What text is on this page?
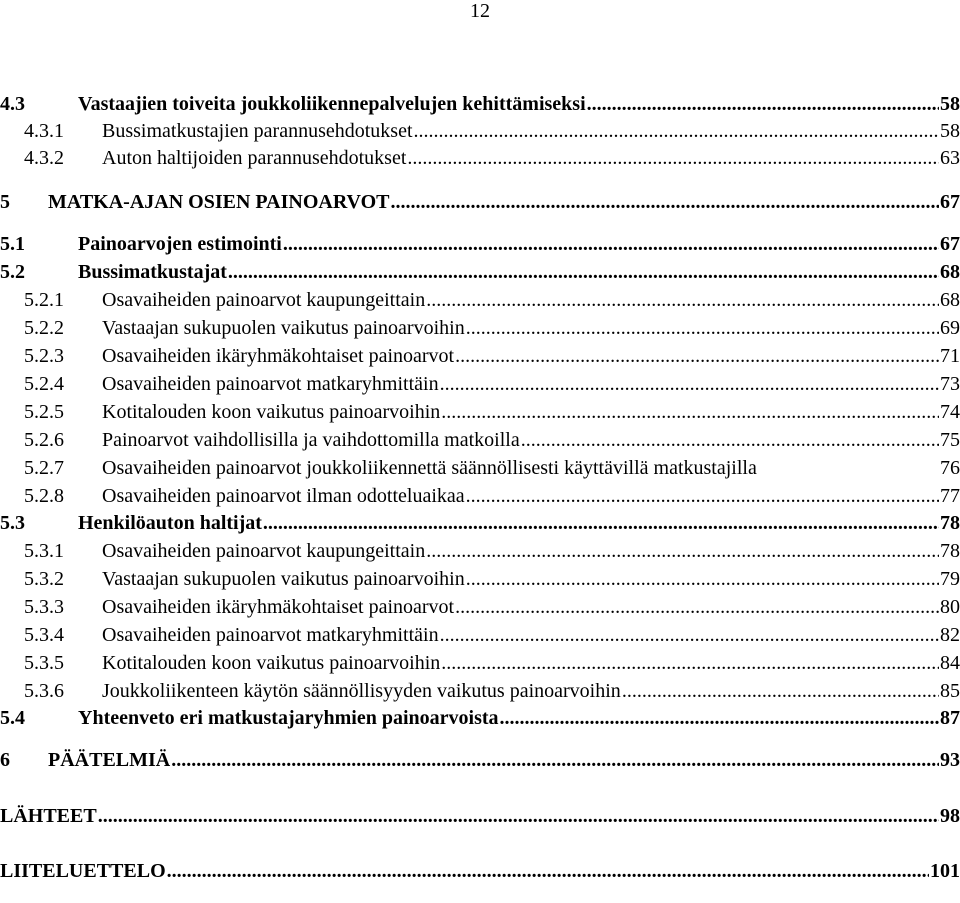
12
4.3	Vastaajien toiveita joukkoliikennepalvelujen kehittämiseksi .....	58
4.3.1 Bussimatkustajien parannusehdotukset .....	58
4.3.2 Auton haltijoiden parannusehdotukset .....	63
5 MATKA-AJAN OSIEN PAINOARVOT .....	67
5.1	Painoarvojen estimointi .....	67
5.2	Bussimatkustajat .....	68
5.2.1 Osavaiheiden painoarvot kaupungeittain .....	68
5.2.2 Vastaajan sukupuolen vaikutus painoarvoihin .....	69
5.2.3 Osavaiheiden ikäryhmäkohtaiset painoarvot .....	71
5.2.4 Osavaiheiden painoarvot matkaryhmittäin .....	73
5.2.5 Kotitalouden koon vaikutus painoarvoihin .....	74
5.2.6 Painoarvot vaihdollisilla ja vaihdottomilla matkoilla .....	75
5.2.7 Osavaiheiden painoarvot joukkoliikennettä säännöllisesti käyttävillä matkustajilla	76
5.2.8 Osavaiheiden painoarvot ilman odotteluaikaa .....	77
5.3	Henkilöauton haltijat .....	78
5.3.1 Osavaiheiden painoarvot kaupungeittain .....	78
5.3.2 Vastaajan sukupuolen vaikutus painoarvoihin .....	79
5.3.3 Osavaiheiden ikäryhmäkohtaiset painoarvot .....	80
5.3.4 Osavaiheiden painoarvot matkaryhmittäin .....	82
5.3.5 Kotitalouden koon vaikutus painoarvoihin .....	84
5.3.6 Joukkoliikenteen käytön säännöllisyyden vaikutus painoarvoihin .....	85
5.4	Yhteenveto eri matkustajaryhmien painoarvoista .....	87
6 PÄÄTELMIÄ .....	93
LÄHTEET .....	98
LIITELUETTELO .....	101
